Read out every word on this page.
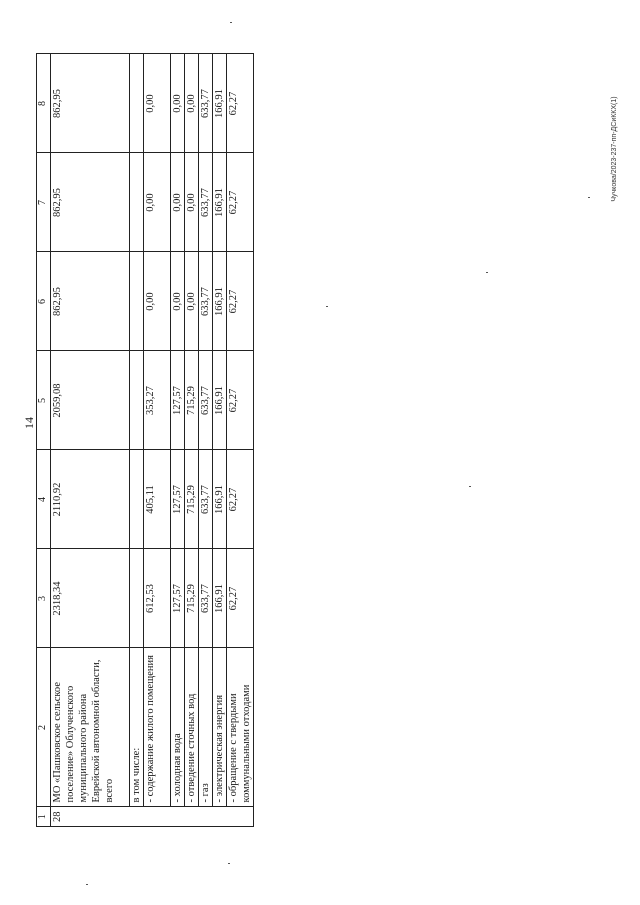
14
1	2	3	4	5	6	7	8
28	МО «Пашковское сельское поселение» Облученского муниципального района Еврейской автономной области, всего	2318,34	2110,92	2059,08	862,95	862,95	862,95
	в том числе:						
	- содержание жилого помещения	612,53	405,11	353,27	0,00	0,00	0,00
	- холодная вода	127,57	127,57	127,57	0,00	0,00	0,00
	- отведение сточных вод	715,29	715,29	715,29	0,00	0,00	0,00
	- газ	633,77	633,77	633,77	633,77	633,77	633,77
	- электрическая энергия	166,91	166,91	166,91	166,91	166,91	166,91
	- обращение с твердыми коммунальными отходами	62,27	62,27	62,27	62,27	62,27	62,27	Чучкова/2023-237-пп-ДСиККХ(1)
